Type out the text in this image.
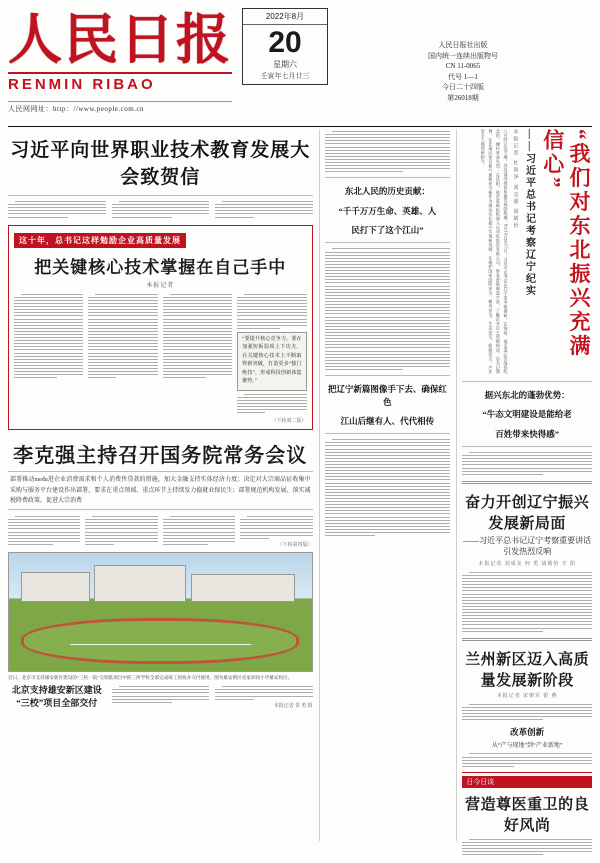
人民日报
RENMIN RIBAO
人民网网址：http：//www.people.com.cn
2022年8月
20
星期六
壬寅年七月廿三
人民日报社出版
国内统一连续出版物号
CN 11-0065
代号 1—1
今日二十四版
第26018期
习近平向世界职业技术教育发展大会致贺信
这十年，总书记这样勉励企业高质量发展
把关键核心技术掌握在自己手中
本报记者
“要提升核心竞争力，要在加强短板弱项上下功夫，在关键核心技术上不断取得新突破，打造更多“独门绝技”，形成科技创新体集聚势。”
（下转第二版）
李克强主持召开国务院常务会议
部署推动među进企业消费需求和个人消费售贷款的措施，加大金融支持实体经济力度；决定对大宗商品征收集中采购与服务平台建设作出部署，要求在重点领域、重点环节上持续发力稳就业保民生；部署规范机构发展、落实减税降费政策，促进大宗消费
（下转第四版）
近日，北京市支持雄安新区建设的“三校一院”交钥匙项目中的三所学校全部完成竣工验收并交付使用。图为雄安新区史家胡同小学雄安校区。
北京支持雄安新区建设
“三校”项目全部交付	本报记者 贺 勇 摄
东北人民的历史贡献：
“千千万万生命、英雄、人
民打下了这个江山”
把辽宁新篇图像手下去、确保红色
江山后继有人、代代相传
“我们对东北振兴充满信心”
——习近平总书记考察辽宁纪实
本报记者 杜尚泽 刘志强 胡婧怡
八月的辽沈大地，处处涌动着高质量发展的热潮。8月16日至17日，习近平总书记在辽宁省考察调研。在锦州，他走进辽沈战役纪念馆，缅怀革命先烈；在沈阳，他走进新松机器人自动化股份有限公司，察看智能制造产品，了解企业自主创新情况。总书记强调，东北地区要以新气象新担当新作为推动东北振兴实现新突破，在维护国家国防安全、粮食安全、生态安全、能源安全、产业安全上展现新担当。
据兴东北的蓬勃优势：
“牛态文明建设是能给老
百姓带来快得感”
奋力开创辽宁振兴发展新局面
——习近平总书记辽宁考察重要讲话引发热烈反响
本报记者 刘成友 何 勇 胡婧怡 辛 阳
兰州新区迈入高质量发展新阶段
本报记者 宋朝军 银 燕
改革创新
从“产与现地”到“产业新地”
日今日谈
营造尊医重卫的良好风尚
